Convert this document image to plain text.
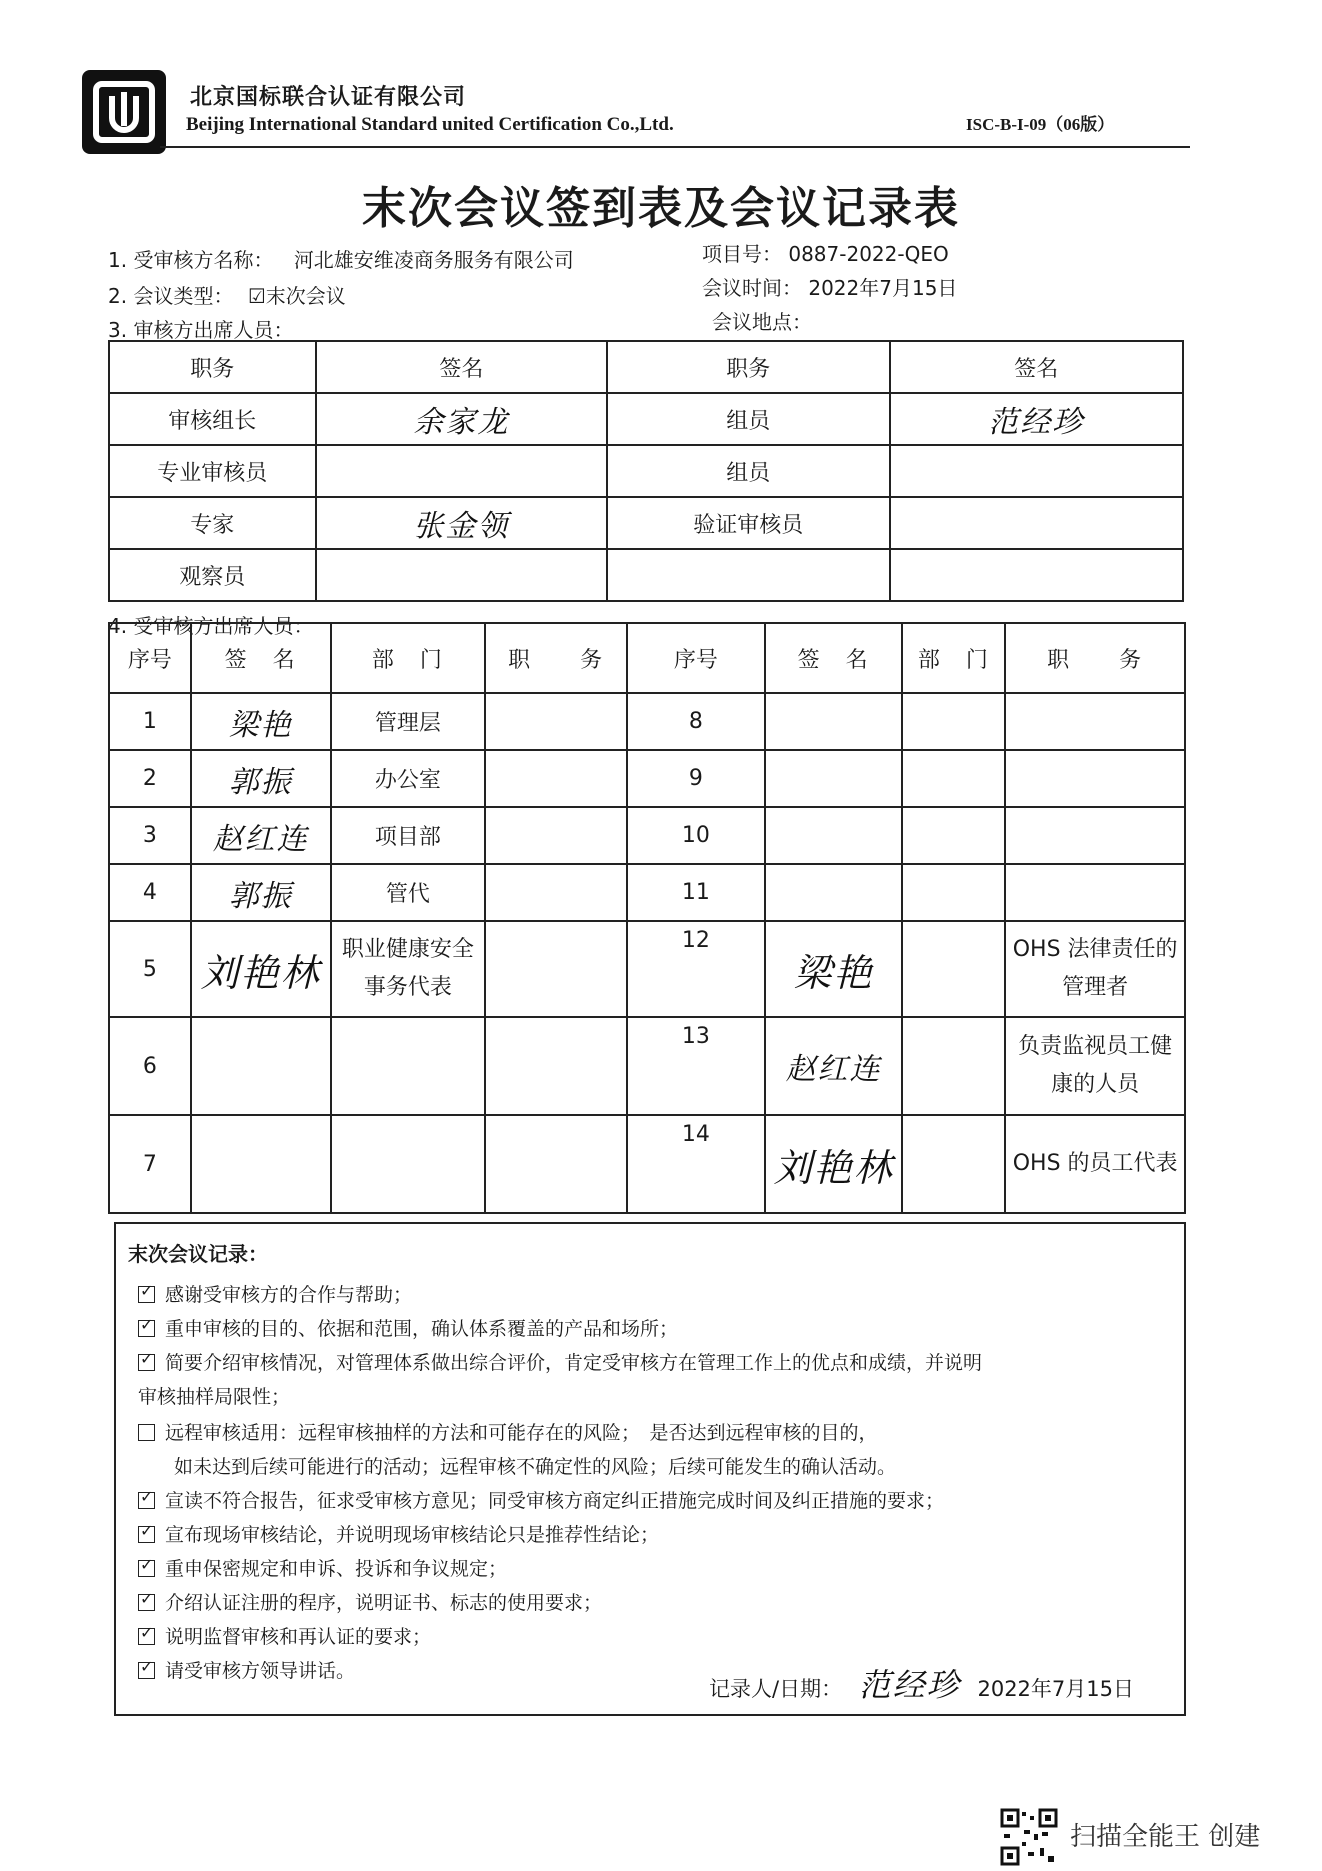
北京国标联合认证有限公司
Beijing International Standard united Certification Co.,Ltd.	ISC-B-I-09（06版）
末次会议签到表及会议记录表
1. 受审核方名称： 河北雄安维凌商务服务有限公司	项目号： 0887-2022-QEO
2. 会议类型： ☑末次会议	会议时间： 2022年7月15日
3. 审核方出席人员：	会议地点：
职务	签名	职务	签名
审核组长	余家龙	组员	范经珍
专业审核员		组员	
专家	张金领	验证审核员	
观察员			
4. 受审核方出席人员：
序号	签　名	部　门	职　　务	序号	签　名	部　门	职　　务
1	梁艳	管理层		8			
2	郭振	办公室		9			
3	赵红连	项目部		10			
4	郭振	管代		11			
5	刘艳林	职业健康安全事务代表		12	梁艳		OHS 法律责任的管理者
6				13	赵红连		负责监视员工健康的人员
7				14	刘艳林		OHS 的员工代表
末次会议记录：
✓感谢受审核方的合作与帮助；
✓重申审核的目的、依据和范围，确认体系覆盖的产品和场所；
✓简要介绍审核情况，对管理体系做出综合评价，肯定受审核方在管理工作上的优点和成绩，并说明
审核抽样局限性；
远程审核适用：远程审核抽样的方法和可能存在的风险；　是否达到远程审核的目的，
如未达到后续可能进行的活动；远程审核不确定性的风险；后续可能发生的确认活动。
✓宣读不符合报告，征求受审核方意见；同受审核方商定纠正措施完成时间及纠正措施的要求；
✓宣布现场审核结论，并说明现场审核结论只是推荐性结论；
✓重申保密规定和申诉、投诉和争议规定；
✓介绍认证注册的程序，说明证书、标志的使用要求；
✓说明监督审核和再认证的要求；
✓请受审核方领导讲话。
记录人/日期： 范经珍 2022年7月15日
扫描全能王 创建
